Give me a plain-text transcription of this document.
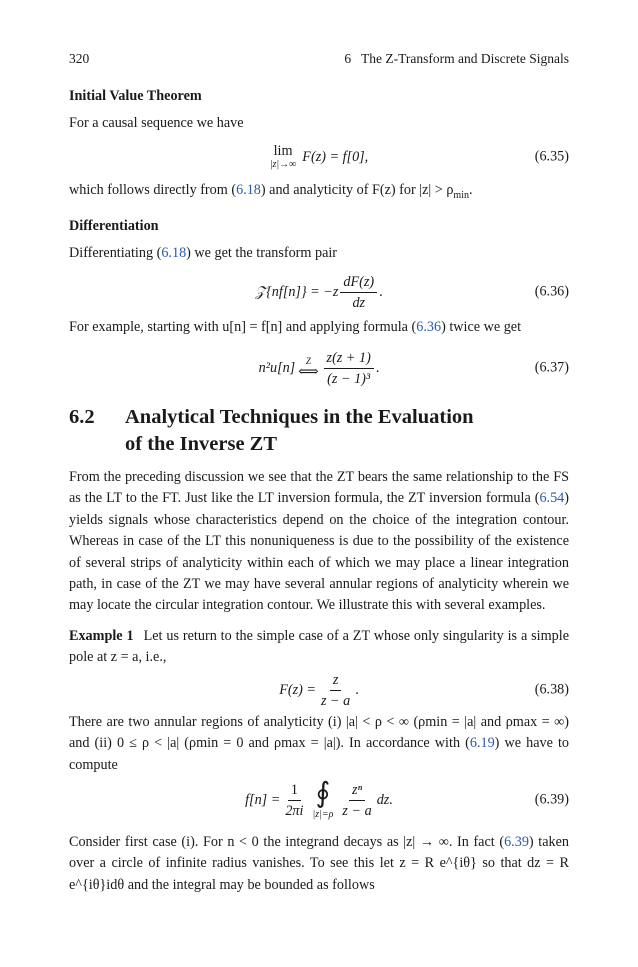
320	6   The Z-Transform and Discrete Signals
Initial Value Theorem
For a causal sequence we have
lim
|z|→∞ F(z) = f[0],	(6.35)
which follows directly from (6.18) and analyticity of F(z) for $|z| > \rho_{min}$.
Differentiation
Differentiating (6.18) we get the transform pair
𝒵{nf[n]} = $-z \frac{dF(z)}{dz}$ .	(6.36)
For example, starting with u[n] = f[n] and applying formula (6.36) twice we get
n²u[n] Z
⟺ $\frac{z(z + 1)}{\text{(z − 1)³}}$ .	(6.37)
6.2 Analytical Techniques in the Evaluation
of the Inverse ZT
From the preceding discussion we see that the ZT bears the same relationship to the FS as the LT to the FT. Just like the LT inversion formula, the ZT inversion formula (6.54) yields signals whose characteristics depend on the choice of the integration contour. Whereas in case of the LT this nonuniqueness is due to the possibility of the existence of several strips of analyticity within each of which we may place a linear integration path, in case of the ZT we may have several annular regions of analyticity wherein we may locate the circular integration contour. We illustrate this with several examples.
Example 1 Let us return to the simple case of a ZT whose only singularity is a simple pole at z = a, i.e.,
$F(z) = \frac{z}{z - a}$ .	(6.38)
There are two annular regions of analyticity (i) |a| < ρ < ∞ (ρmin = |a| and ρmax = ∞) and (ii) 0 ≤ ρ < |a| (ρmin = 0 and ρmax = |a|). In accordance with (6.19) we have to compute
$f[n] = \frac{1}{2\pi i}$ ∮
$|z|=\rho \frac{\text{zⁿ}}{z - a}$ dz.	(6.39)
Consider first case (i). For n < 0 the integrand decays as |z| → ∞. In fact (6.39) taken over a circle of infinite radius vanishes. To see this let z = R e^{iθ} so that dz = R e^{iθ}idθ and the integral may be bounded as follows
